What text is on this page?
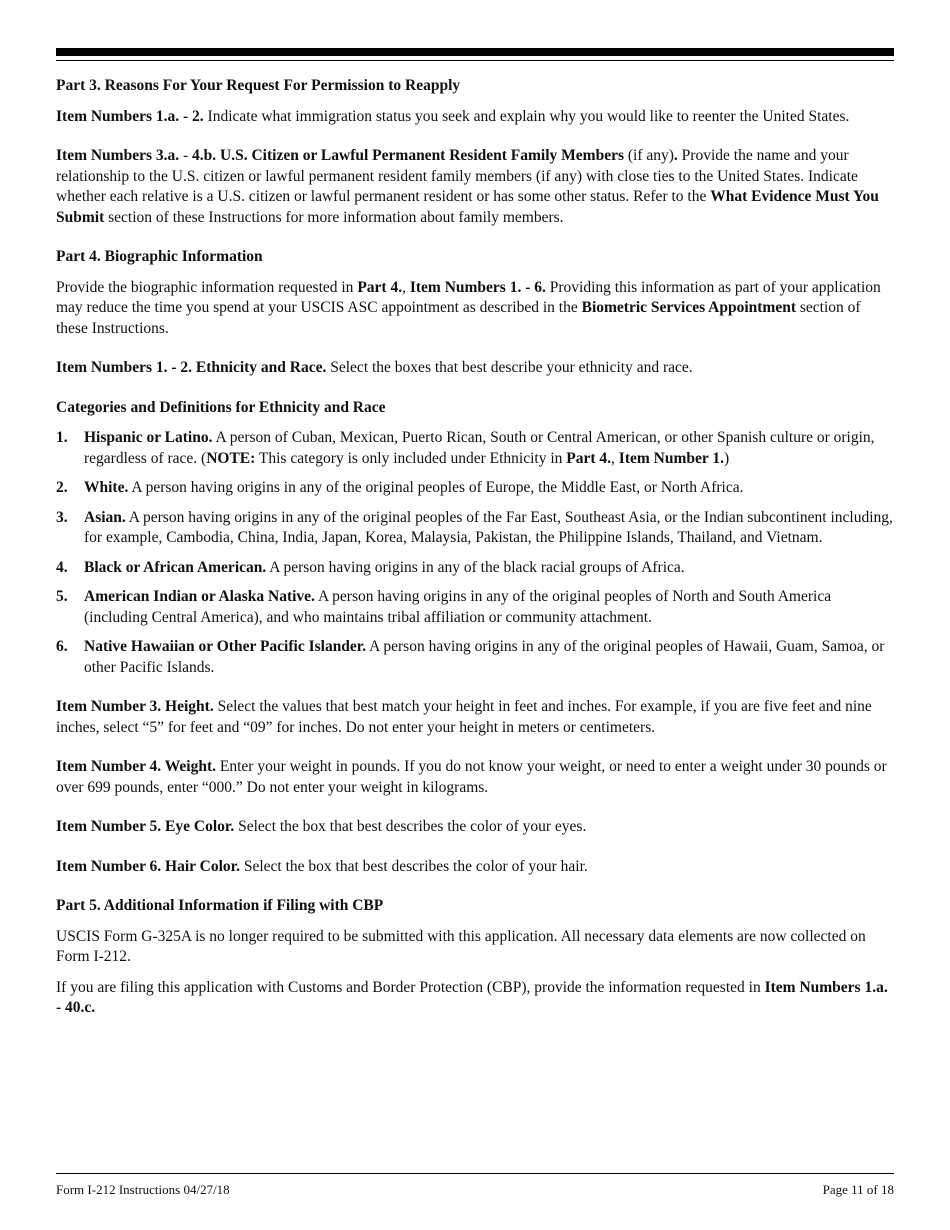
Part 3. Reasons For Your Request For Permission to Reapply

Item Numbers 1.a. - 2. Indicate what immigration status you seek and explain why you would like to reenter the United States.

Item Numbers 3.a. - 4.b. U.S. Citizen or Lawful Permanent Resident Family Members (if any). Provide the name and your relationship to the U.S. citizen or lawful permanent resident family members (if any) with close ties to the United States. Indicate whether each relative is a U.S. citizen or lawful permanent resident or has some other status. Refer to the What Evidence Must You Submit section of these Instructions for more information about family members.

Part 4. Biographic Information

Provide the biographic information requested in Part 4., Item Numbers 1. - 6. Providing this information as part of your application may reduce the time you spend at your USCIS ASC appointment as described in the Biometric Services Appointment section of these Instructions.

Item Numbers 1. - 2. Ethnicity and Race. Select the boxes that best describe your ethnicity and race.

Categories and Definitions for Ethnicity and Race
1. Hispanic or Latino. A person of Cuban, Mexican, Puerto Rican, South or Central American, or other Spanish culture or origin, regardless of race. (NOTE: This category is only included under Ethnicity in Part 4., Item Number 1.)
2. White. A person having origins in any of the original peoples of Europe, the Middle East, or North Africa.
3. Asian. A person having origins in any of the original peoples of the Far East, Southeast Asia, or the Indian subcontinent including, for example, Cambodia, China, India, Japan, Korea, Malaysia, Pakistan, the Philippine Islands, Thailand, and Vietnam.
4. Black or African American. A person having origins in any of the black racial groups of Africa.
5. American Indian or Alaska Native. A person having origins in any of the original peoples of North and South America (including Central America), and who maintains tribal affiliation or community attachment.
6. Native Hawaiian or Other Pacific Islander. A person having origins in any of the original peoples of Hawaii, Guam, Samoa, or other Pacific Islands.

Item Number 3. Height. Select the values that best match your height in feet and inches. For example, if you are five feet and nine inches, select “5” for feet and “09” for inches. Do not enter your height in meters or centimeters.

Item Number 4. Weight. Enter your weight in pounds. If you do not know your weight, or need to enter a weight under 30 pounds or over 699 pounds, enter “000.” Do not enter your weight in kilograms.

Item Number 5. Eye Color. Select the box that best describes the color of your eyes.

Item Number 6. Hair Color. Select the box that best describes the color of your hair.

Part 5. Additional Information if Filing with CBP

USCIS Form G-325A is no longer required to be submitted with this application. All necessary data elements are now collected on Form I-212.

If you are filing this application with Customs and Border Protection (CBP), provide the information requested in Item Numbers 1.a. - 40.c.

Form I-212 Instructions 04/27/18	Page 11 of 18
